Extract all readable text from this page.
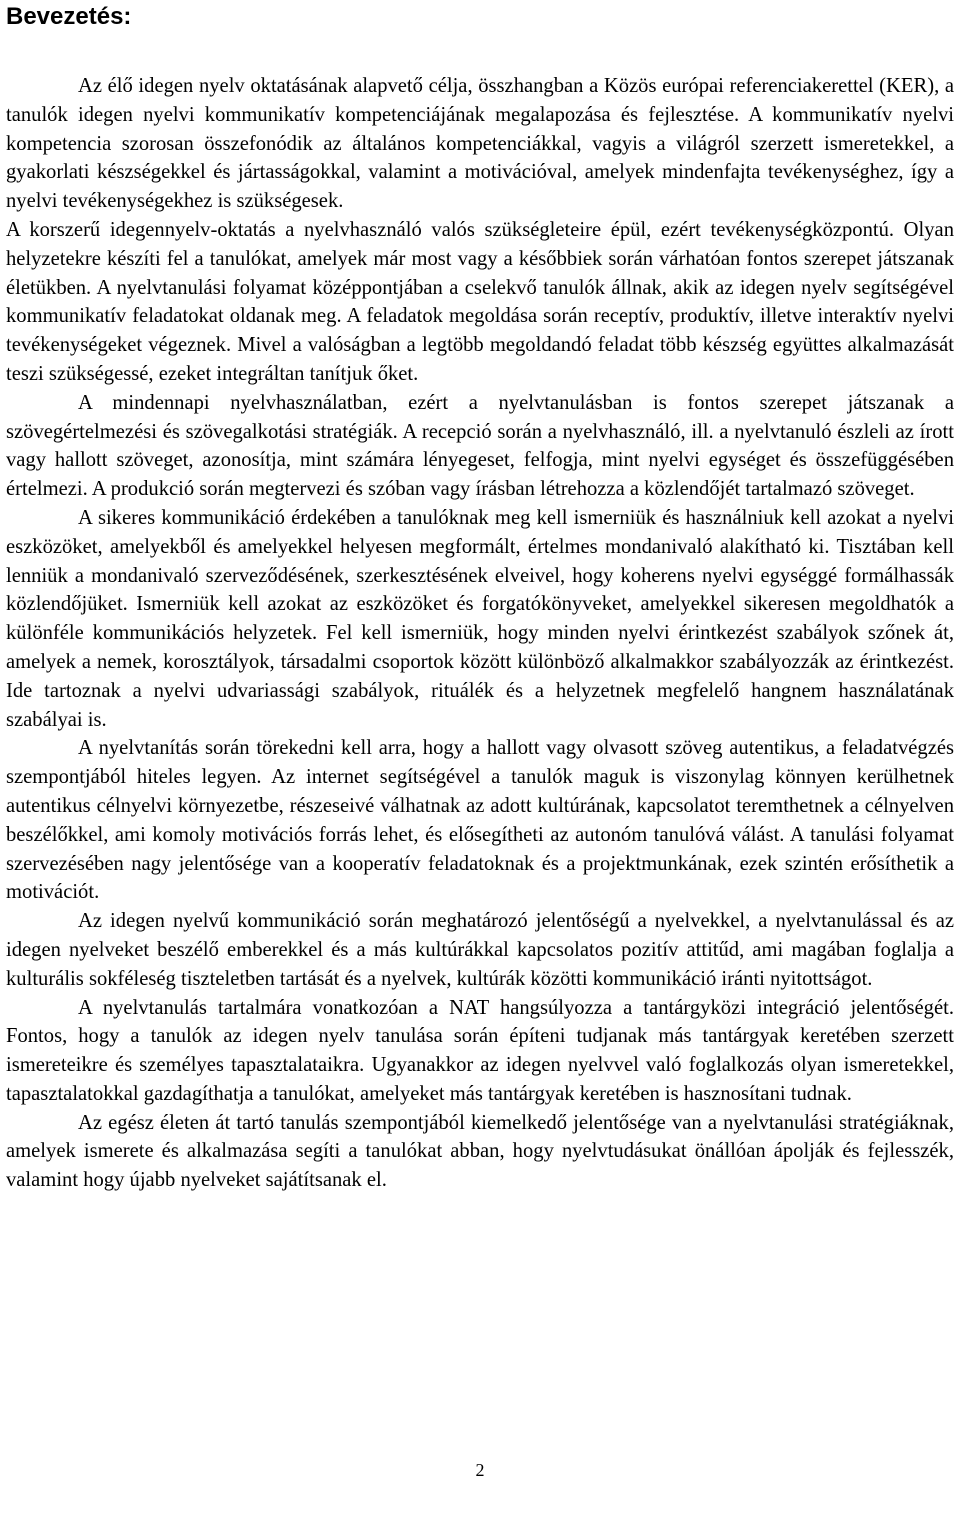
Bevezetés:

Az élő idegen nyelv oktatásának alapvető célja, összhangban a Közös európai referenciakerettel (KER), a tanulók idegen nyelvi kommunikatív kompetenciájának megalapozása és fejlesztése. A kommunikatív nyelvi kompetencia szorosan összefonódik az általános kompetenciákkal, vagyis a világról szerzett ismeretekkel, a gyakorlati készségekkel és jártasságokkal, valamint a motivációval, amelyek mindenfajta tevékenységhez, így a nyelvi tevékenységekhez is szükségesek.

A korszerű idegennyelv-oktatás a nyelvhasználó valós szükségleteire épül, ezért tevékenységközpontú. Olyan helyzetekre készíti fel a tanulókat, amelyek már most vagy a későbbiek során várhatóan fontos szerepet játszanak életükben. A nyelvtanulási folyamat középpontjában a cselekvő tanulók állnak, akik az idegen nyelv segítségével kommunikatív feladatokat oldanak meg. A feladatok megoldása során receptív, produktív, illetve interaktív nyelvi tevékenységeket végeznek. Mivel a valóságban a legtöbb megoldandó feladat több készség együttes alkalmazását teszi szükségessé, ezeket integráltan tanítjuk őket.

A mindennapi nyelvhasználatban, ezért a nyelvtanulásban is fontos szerepet játszanak a szövegértelmezési és szövegalkotási stratégiák. A recepció során a nyelvhasználó, ill. a nyelvtanuló észleli az írott vagy hallott szöveget, azonosítja, mint számára lényegeset, felfogja, mint nyelvi egységet és összefüggésében értelmezi. A produkció során megtervezi és szóban vagy írásban létrehozza a közlendőjét tartalmazó szöveget.

A sikeres kommunikáció érdekében a tanulóknak meg kell ismerniük és használniuk kell azokat a nyelvi eszközöket, amelyekből és amelyekkel helyesen megformált, értelmes mondanivaló alakítható ki. Tisztában kell lenniük a mondanivaló szerveződésének, szerkesztésének elveivel, hogy koherens nyelvi egységgé formálhassák közlendőjüket. Ismerniük kell azokat az eszközöket és forgatókönyveket, amelyekkel sikeresen megoldhatók a különféle kommunikációs helyzetek. Fel kell ismerniük, hogy minden nyelvi érintkezést szabályok szőnek át, amelyek a nemek, korosztályok, társadalmi csoportok között különböző alkalmakkor szabályozzák az érintkezést. Ide tartoznak a nyelvi udvariassági szabályok, rituálék és a helyzetnek megfelelő hangnem használatának szabályai is.

A nyelvtanítás során törekedni kell arra, hogy a hallott vagy olvasott szöveg autentikus, a feladatvégzés szempontjából hiteles legyen. Az internet segítségével a tanulók maguk is viszonylag könnyen kerülhetnek autentikus célnyelvi környezetbe, részeseivé válhatnak az adott kultúrának, kapcsolatot teremthetnek a célnyelven beszélőkkel, ami komoly motivációs forrás lehet, és elősegítheti az autonóm tanulóvá válást. A tanulási folyamat szervezésében nagy jelentősége van a kooperatív feladatoknak és a projektmunkának, ezek szintén erősíthetik a motivációt.

Az idegen nyelvű kommunikáció során meghatározó jelentőségű a nyelvekkel, a nyelvtanulással és az idegen nyelveket beszélő emberekkel és a más kultúrákkal kapcsolatos pozitív attitűd, ami magában foglalja a kulturális sokféleség tiszteletben tartását és a nyelvek, kultúrák közötti kommunikáció iránti nyitottságot.

A nyelvtanulás tartalmára vonatkozóan a NAT hangsúlyozza a tantárgyközi integráció jelentőségét. Fontos, hogy a tanulók az idegen nyelv tanulása során építeni tudjanak más tantárgyak keretében szerzett ismereteikre és személyes tapasztalataikra. Ugyanakkor az idegen nyelvvel való foglalkozás olyan ismeretekkel, tapasztalatokkal gazdagíthatja a tanulókat, amelyeket más tantárgyak keretében is hasznosítani tudnak.

Az egész életen át tartó tanulás szempontjából kiemelkedő jelentősége van a nyelvtanulási stratégiáknak, amelyek ismerete és alkalmazása segíti a tanulókat abban, hogy nyelvtudásukat önállóan ápolják és fejlesszék, valamint hogy újabb nyelveket sajátítsanak el.

2
